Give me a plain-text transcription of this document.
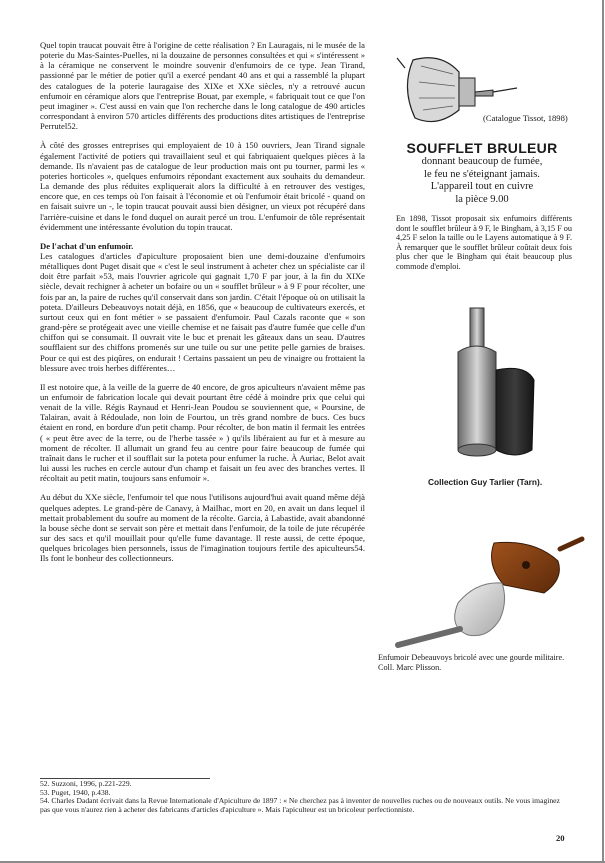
Quel topin traucat pouvait être à l'origine de cette réalisation ? En Lauragais, ni le musée de la poterie du Mas-Saintes-Puelles, ni la douzaine de personnes consultées et qui « s'intéressent » à la céramique ne conservent le moindre souvenir d'enfumoirs de ce type. Jean Tirand, passionné par le métier de potier qu'il a exercé pendant 40 ans et qui a rassemblé la plupart des catalogues de la poterie lauragaise des XIXe et XXe siècles, n'y a retrouvé aucun enfumoir en céramique alors que l'entreprise Bouat, par exemple, « fabriquait tout ce que l'on peut imaginer ». C'est aussi en vain que l'on recherche dans le long catalogue de 490 articles correspondant à environ 570 articles différents des productions dites artistiques de l'entreprise Perrutel52.

À côté des grosses entreprises qui employaient de 10 à 150 ouvriers, Jean Tirand signale également l'activité de potiers qui travaillaient seul et qui fabriquaient quelques pièces à la demande. Ils n'avaient pas de catalogue de leur production mais ont pu tourner, parmi les « poteries horticoles », quelques enfumoirs répondant exactement aux souhaits du demandeur. La demande des plus réduites expliquerait alors la difficulté à en retrouver des vestiges, encore que, en ces temps où l'on faisait à l'économie et où l'enfumoir était bricolé - quand on en faisait suivre un -, le topin traucat pouvait aussi bien désigner, un vieux pot récupéré dans l'arrière-cuisine et dans le fond duquel on aurait percé un trou. L'enfumoir de tôle représentait évidemment une intéressante évolution du topin traucat.

De l'achat d'un enfumoir.

Les catalogues d'articles d'apiculture proposaient bien une demi-douzaine d'enfumoirs métalliques dont Puget disait que « c'est le seul instrument à acheter chez un spécialiste car il doit être parfait »53, mais l'ouvrier agricole qui gagnait 1,70 F par jour, à la fin du XIXe siècle, devait rechigner à acheter un bofaire ou un « soufflet brûleur » à 9 F pour récolter, une fois par an, la paire de ruches qu'il conservait dans son jardin. C'était l'époque où on utilisait la poteta. D'ailleurs Debeauvoys notait déjà, en 1856, que « beaucoup de cultivateurs exercés, et surtout ceux qui en font métier » se passaient d'enfumoir. Paul Cazals raconte que « son grand-père se protégeait avec une vieille chemise et ne faisait pas d'autre fumée que celle d'un chiffon qui se consumait. Il ouvrait vite le buc et prenait les gâteaux dans un seau. D'autres soufflaient sur des chiffons promenés sur une tuile ou sur une petite pelle garnies de braises. Pour ce qui est des piqûres, on endurait ! Certains passaient un peu de vinaigre ou frottaient la blessure avec trois herbes différentes…

Il est notoire que, à la veille de la guerre de 40 encore, de gros apiculteurs n'avaient même pas un enfumoir de fabrication locale qui devait pourtant être cédé à moindre prix que celui qui venait de la ville. Régis Raynaud et Henri-Jean Poudou se souviennent que, « Poursine, de Talairan, avait à Rédoulade, non loin de Fourtou, un très grand nombre de bucs. Ces bucs étaient en rond, en bordure d'un petit champ. Pour récolter, de bon matin il fermait les entrées ( « peut être avec de la terre, ou de l'herbe tassée » ) qu'ils libéraient au fur et à mesure au moment de récolter. Il allumait un grand feu au centre pour faire beaucoup de fumée qui traînait dans le rucher et il soufflait sur la poteta pour enfumer la ruche. À Auriac, Belot avait lui aussi les ruches en cercle autour d'un champ et faisait un feu avec des branches vertes. Il récoltait au petit matin, toujours sans enfumoir ».

Au début du XXe siècle, l'enfumoir tel que nous l'utilisons aujourd'hui avait quand même déjà quelques adeptes. Le grand-père de Canavy, à Mailhac, mort en 20, en avait un dans lequel il mettait probablement du soufre au moment de la récolte. Garcia, à Labastide, avait abandonné la bouse sèche dont se servait son père et mettait dans l'enfumoir, de la toile de jute récupérée sur des sacs et qu'il mouillait pour qu'elle fume davantage. Il reste aussi, de cette époque, quelques bricolages bien personnels, issus de l'imagination toujours fertile des apiculteurs54. Ils font le bonheur des collectionneurs.

(Catalogue Tissot, 1898)
SOUFFLET BRULEUR
donnant beaucoup de fumée,
le feu ne s'éteignant jamais.
L'appareil tout en cuivre
la pièce 9.00
En 1898, Tissot proposait six enfumoirs différents dont le soufflet brûleur à 9 F, le Bingham, à 3,15 F ou 4,25 F selon la taille ou le Layens automatique à 9 F. À remarquer que le soufflet brûleur coûtait deux fois plus cher que le Bingham qui était beaucoup plus commode d'emploi.
Collection Guy Tarlier (Tarn).
Enfumoir Debeauvoys bricolé avec une gourde militaire. Coll. Marc Plisson.
52. Suzzoni, 1996, p.221-229.
53. Puget, 1940, p.438.
54. Charles Dadant écrivait dans la Revue Internationale d'Apiculture de 1897 : « Ne cherchez pas à inventer de nouvelles ruches ou de nouveaux outils. Ne vous imaginez pas que vous n'aurez rien à acheter des fabricants d'articles d'apiculture ». Mais l'apiculteur est un bricoleur perfectionniste.
20
